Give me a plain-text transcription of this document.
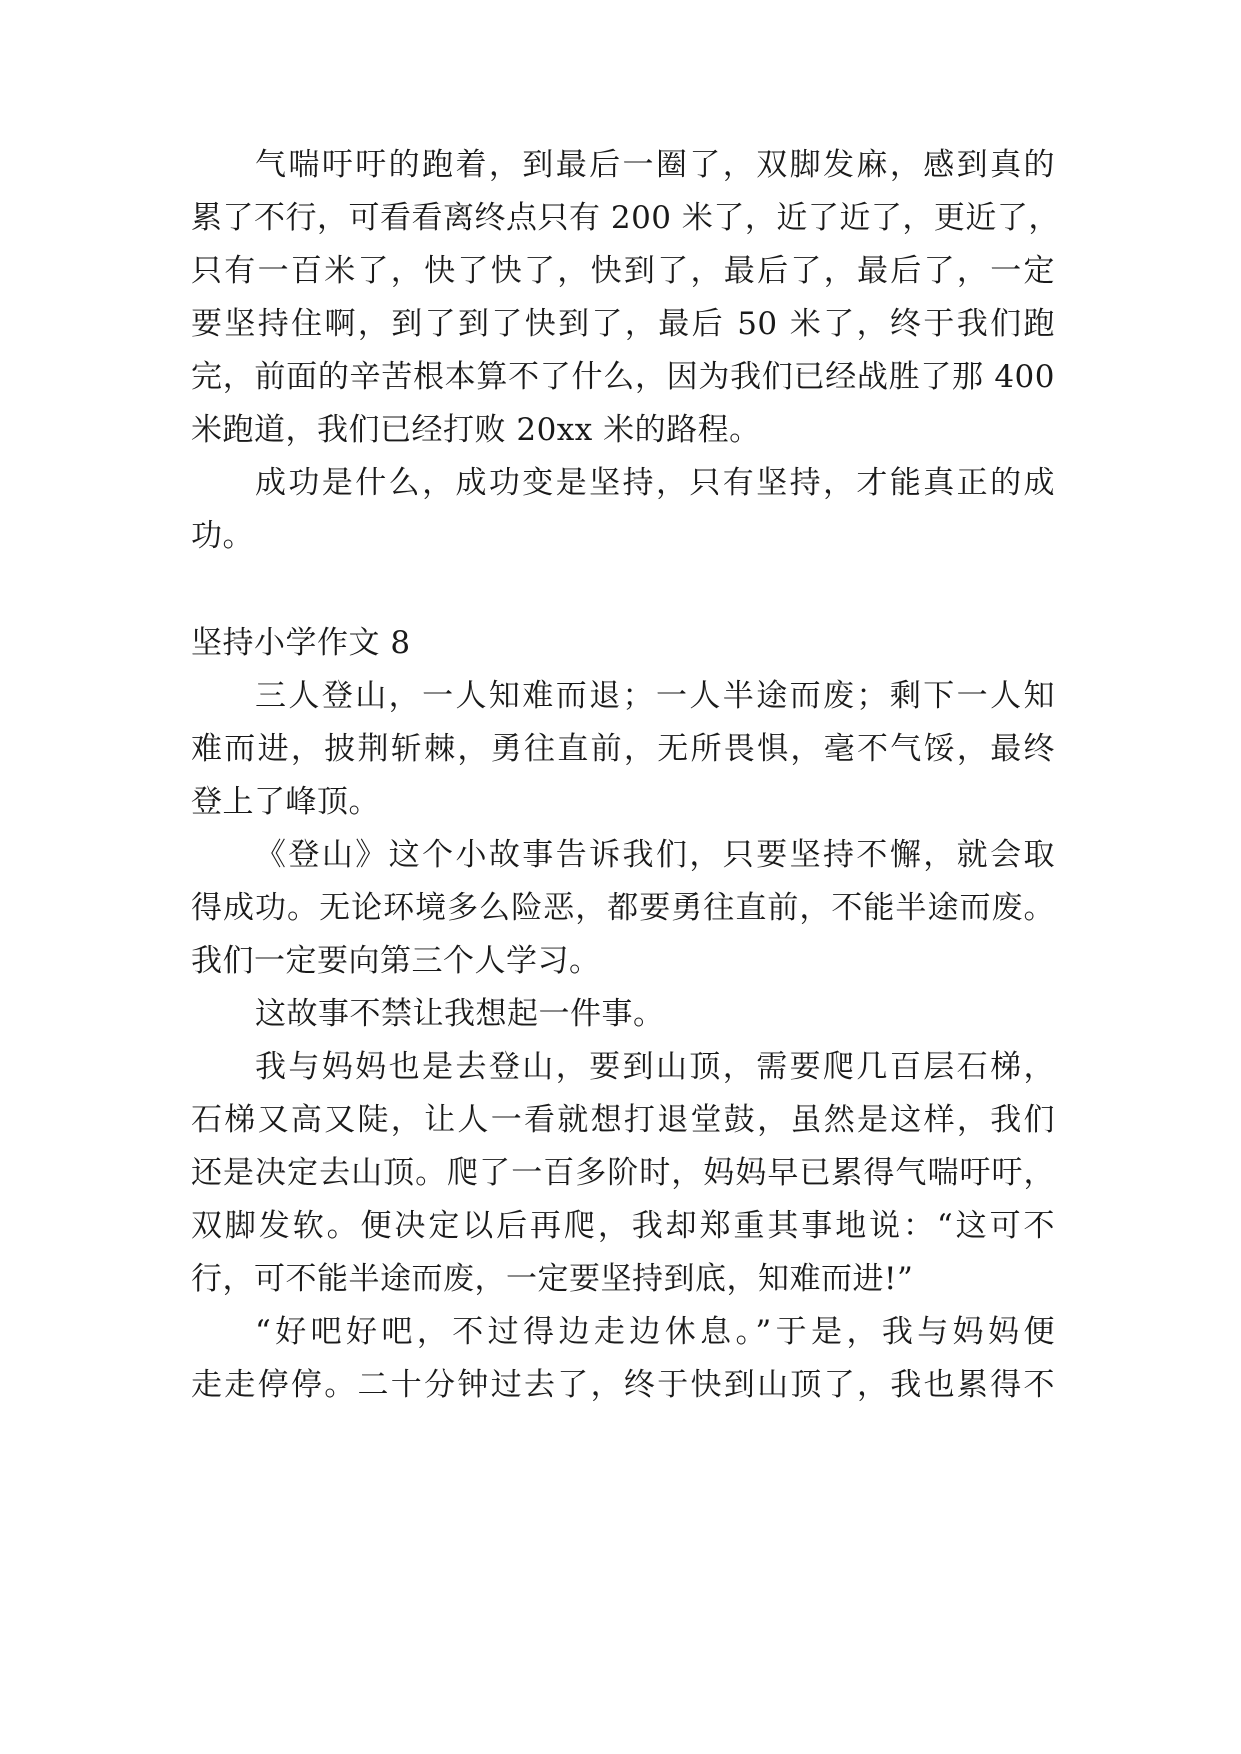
气喘吁吁的跑着，到最后一圈了，双脚发麻，感到真的
累了不行，可看看离终点只有 200 米了，近了近了，更近了，
只有一百米了，快了快了，快到了，最后了，最后了，一定
要坚持住啊，到了到了快到了，最后 50 米了，终于我们跑
完，前面的辛苦根本算不了什么，因为我们已经战胜了那 400
米跑道，我们已经打败 20xx 米的路程。
成功是什么，成功变是坚持，只有坚持，才能真正的成
功。
坚持小学作文 8
三人登山，一人知难而退；一人半途而废；剩下一人知
难而进，披荆斩棘，勇往直前，无所畏惧，毫不气馁，最终
登上了峰顶。
《登山》这个小故事告诉我们，只要坚持不懈，就会取
得成功。无论环境多么险恶，都要勇往直前，不能半途而废。
我们一定要向第三个人学习。
这故事不禁让我想起一件事。
我与妈妈也是去登山，要到山顶，需要爬几百层石梯，
石梯又高又陡，让人一看就想打退堂鼓，虽然是这样，我们
还是决定去山顶。爬了一百多阶时，妈妈早已累得气喘吁吁，
双脚发软。便决定以后再爬，我却郑重其事地说：“这可不
行，可不能半途而废，一定要坚持到底，知难而进!”
“好吧好吧，不过得边走边休息。”于是，我与妈妈便
走走停停。二十分钟过去了，终于快到山顶了，我也累得不
